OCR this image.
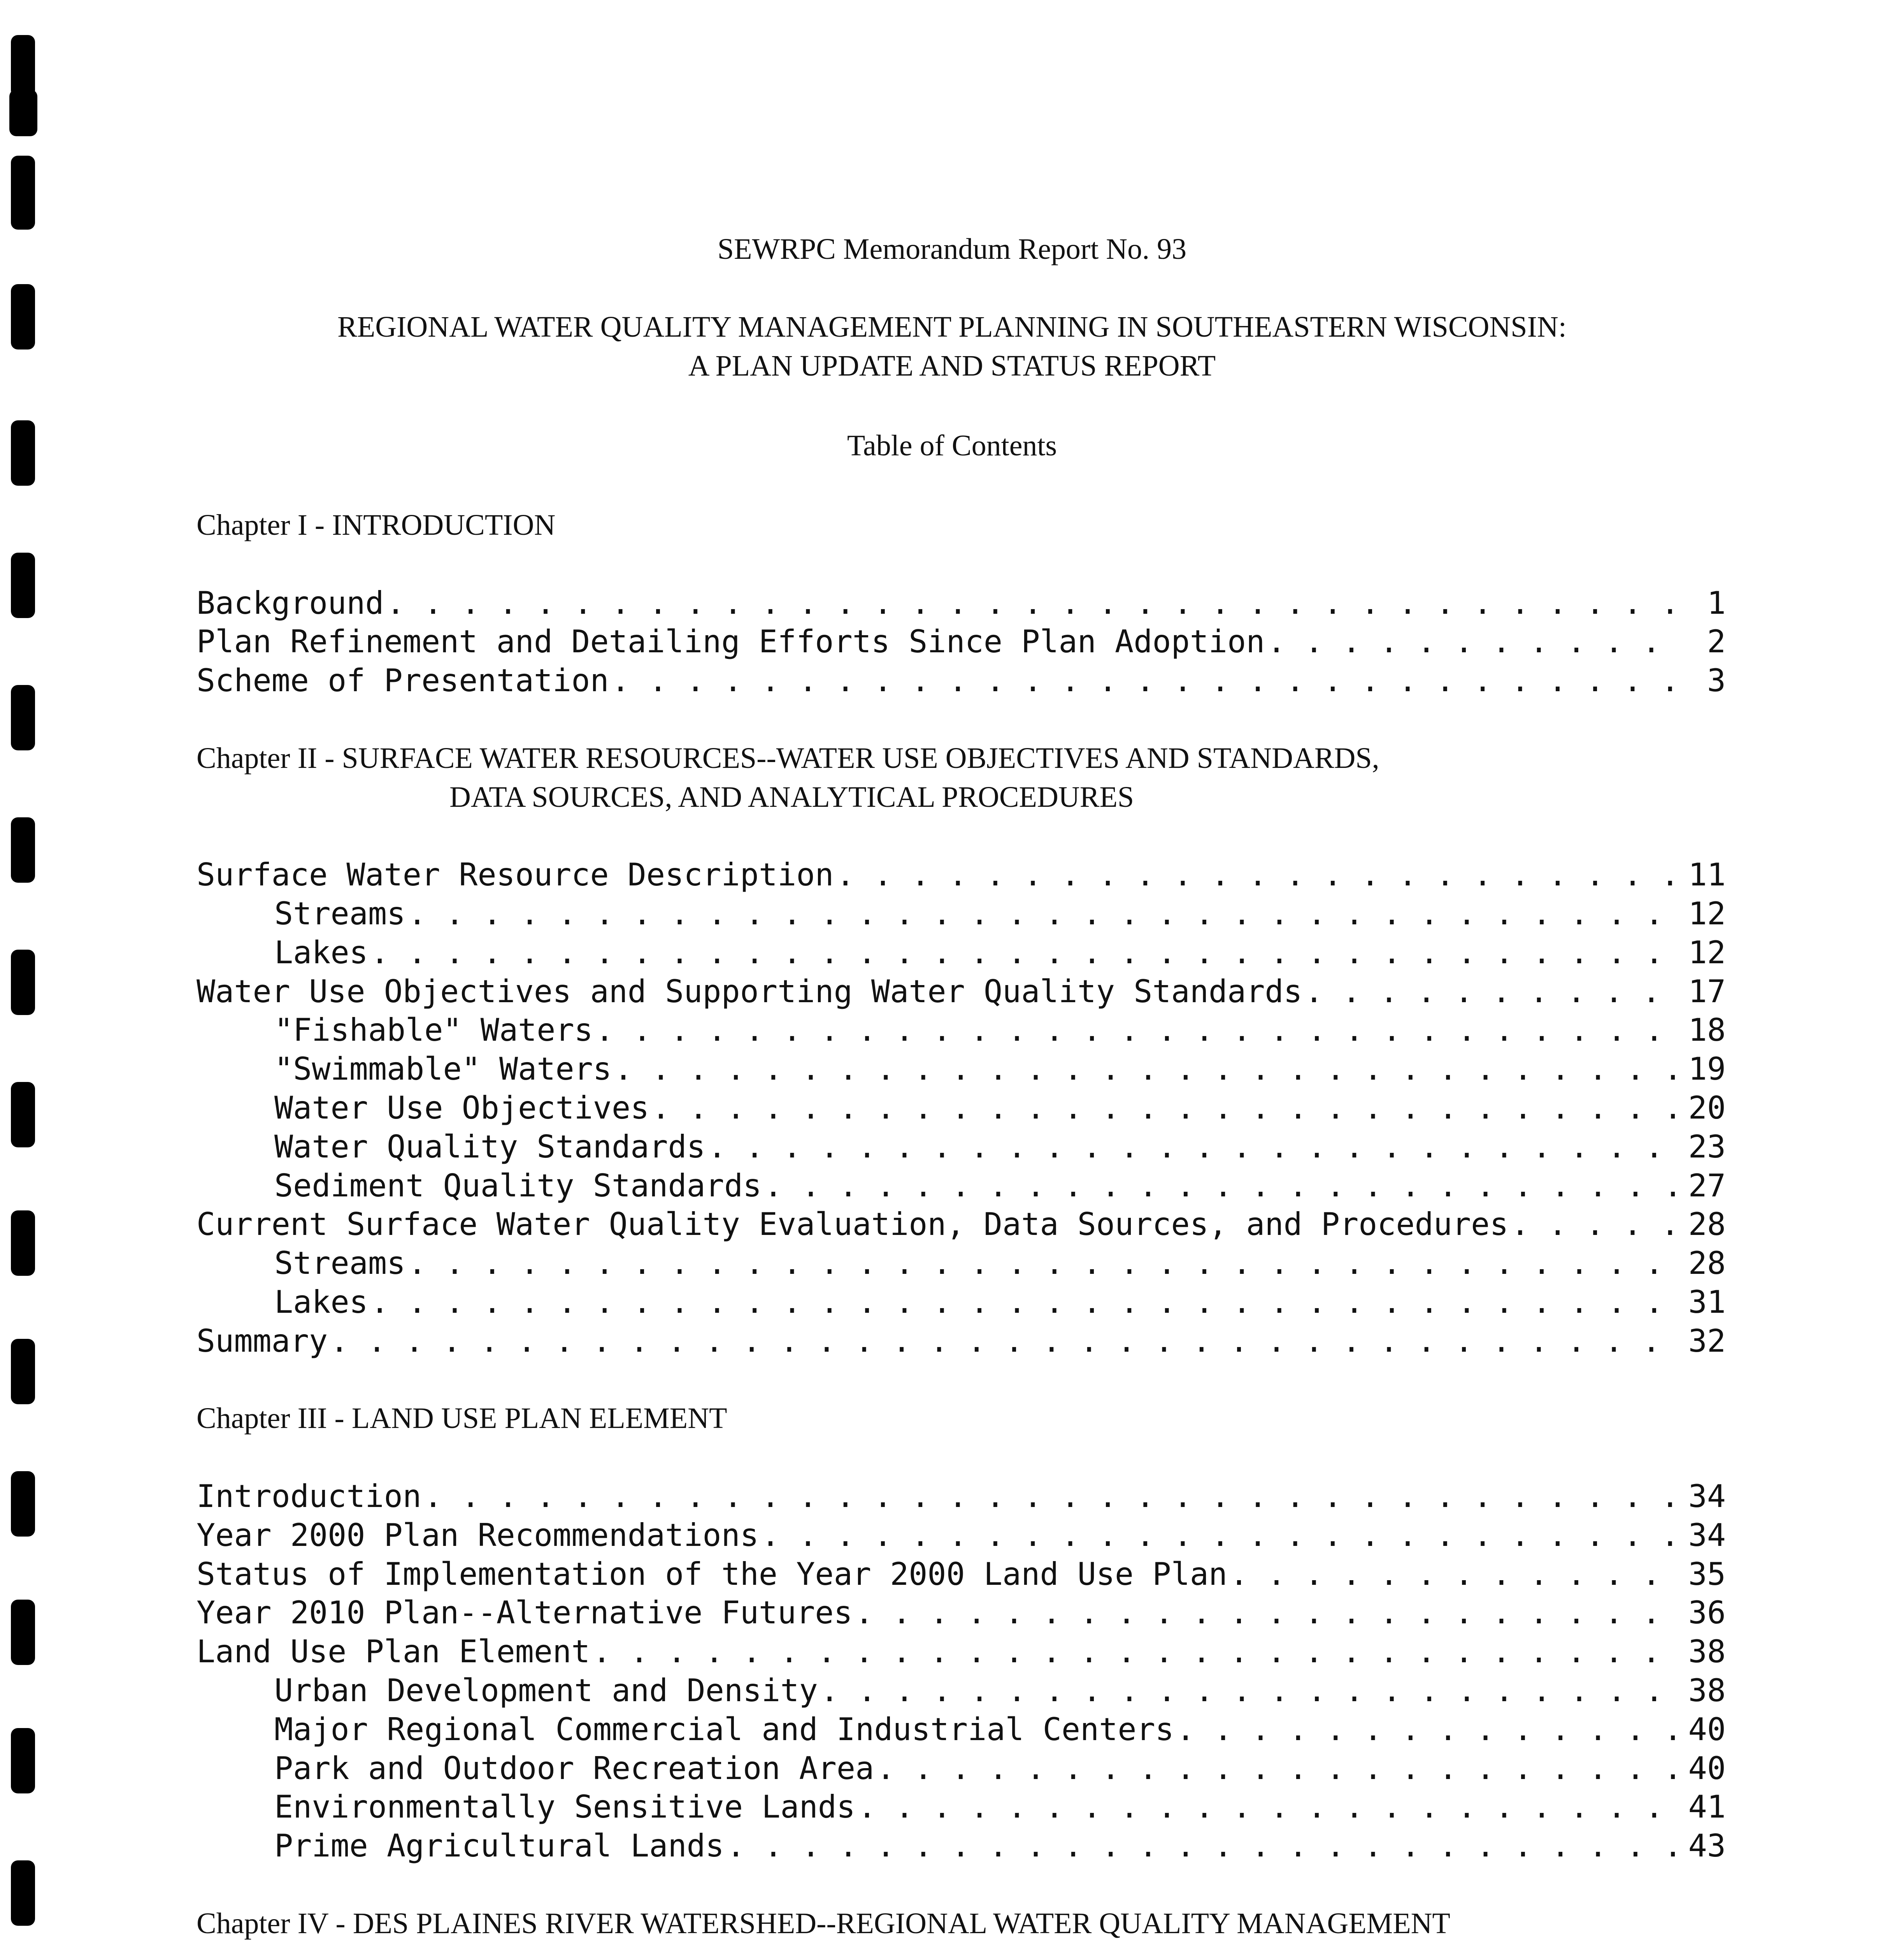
SEWRPC Memorandum Report No. 93
REGIONAL WATER QUALITY MANAGEMENT PLANNING IN SOUTHEASTERN WISCONSIN:
A PLAN UPDATE AND STATUS REPORT
Table of Contents
Chapter I - INTRODUCTION
Background . . .	1
Plan Refinement and Detailing Efforts Since Plan Adoption . . .	2
Scheme of Presentation . . .	3
Chapter II - SURFACE WATER RESOURCES--WATER USE OBJECTIVES AND STANDARDS,
DATA SOURCES, AND ANALYTICAL PROCEDURES
Surface Water Resource Description . . .	11
Streams . . .	12
Lakes . . .	12
Water Use Objectives and Supporting Water Quality Standards . . .	17
"Fishable" Waters . . .	18
"Swimmable" Waters . . .	19
Water Use Objectives . . .	20
Water Quality Standards . . .	23
Sediment Quality Standards . . .	27
Current Surface Water Quality Evaluation, Data Sources, and Procedures . . .	28
Streams . . .	28
Lakes . . .	31
Summary . . .	32
Chapter III - LAND USE PLAN ELEMENT
Introduction . . .	34
Year 2000 Plan Recommendations . . .	34
Status of Implementation of the Year 2000 Land Use Plan . . .	35
Year 2010 Plan--Alternative Futures . . .	36
Land Use Plan Element . . .	38
Urban Development and Density . . .	38
Major Regional Commercial and Industrial Centers . . .	40
Park and Outdoor Recreation Area . . .	40
Environmentally Sensitive Lands . . .	41
Prime Agricultural Lands . . .	43
Chapter IV - DES PLAINES RIVER WATERSHED--REGIONAL WATER QUALITY MANAGEMENT
